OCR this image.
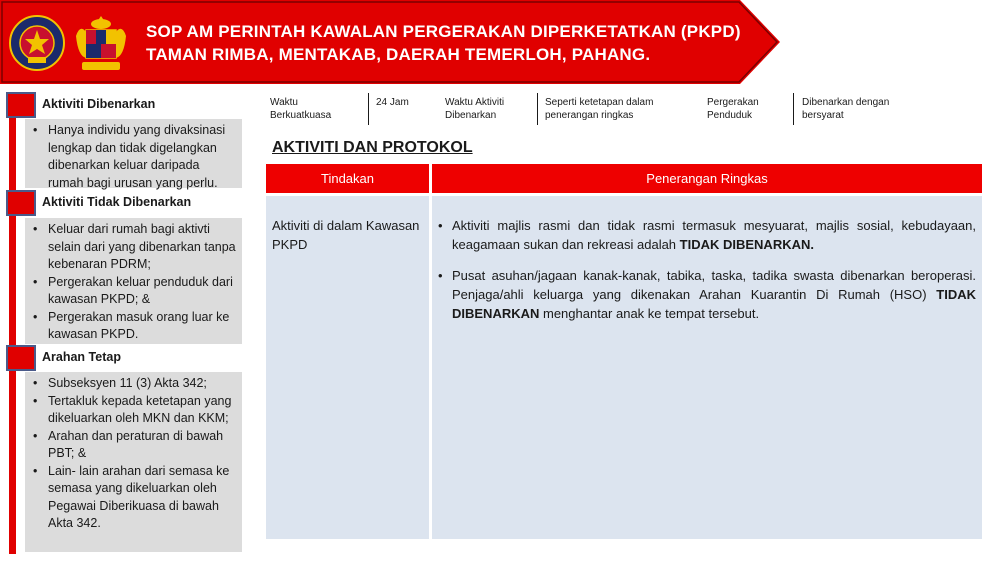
SOP AM PERINTAH KAWALAN PERGERAKAN DIPERKETATKAN (PKPD)
TAMAN RIMBA, MENTAKAB, DAERAH TEMERLOH, PAHANG.
Aktiviti Dibenarkan
• Hanya individu yang divaksinasi lengkap dan tidak digelangkan dibenarkan keluar daripada rumah bagi urusan yang perlu.
Aktiviti Tidak Dibenarkan
• Keluar dari rumah bagi aktivti selain dari yang dibenarkan tanpa kebenaran PDRM;
• Pergerakan keluar penduduk dari kawasan PKPD; &
• Pergerakan masuk orang luar ke kawasan PKPD.
Arahan Tetap
• Subseksyen 11 (3) Akta 342;
• Tertakluk kepada ketetapan yang dikeluarkan oleh MKN dan KKM;
• Arahan dan peraturan di bawah PBT; &
• Lain- lain arahan dari semasa ke semasa yang dikeluarkan oleh Pegawai Diberikuasa di bawah Akta 342.
Waktu Berkuatkuasa
24 Jam	Waktu Aktiviti Dibenarkan
Seperti ketetapan dalam penerangan ringkas
Pergerakan Penduduk
Dibenarkan dengan bersyarat
AKTIVITI DAN PROTOKOL
Tindakan	Penerangan Ringkas
Aktiviti di dalam Kawasan PKPD
• Aktiviti majlis rasmi dan tidak rasmi termasuk mesyuarat, majlis sosial, kebudayaan, keagamaan sukan dan rekreasi adalah TIDAK DIBENARKAN.
• Pusat asuhan/jagaan kanak-kanak, tabika, taska, tadika swasta dibenarkan beroperasi. Penjaga/ahli keluarga yang dikenakan Arahan Kuarantin Di Rumah (HSO) TIDAK DIBENARKAN menghantar anak ke tempat tersebut.
